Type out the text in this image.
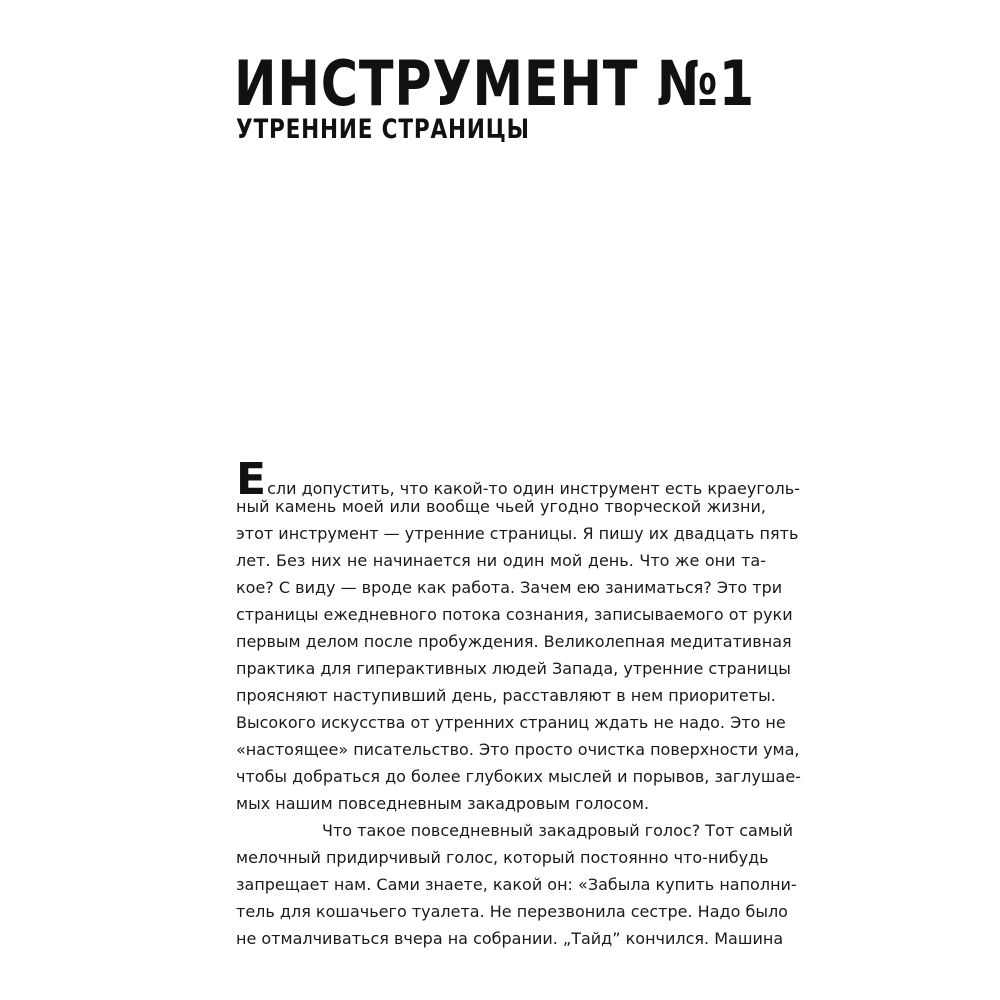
ИНСТРУМЕНТ №1
УТРЕННИЕ СТРАНИЦЫ
Если допустить, что какой-то один инструмент есть краеуголь-
ный камень моей или вообще чьей угодно творческой жизни,
этот инструмент — утренние страницы. Я пишу их двадцать пять
лет. Без них не начинается ни один мой день. Что же они та-
кое? С виду — вроде как работа. Зачем ею заниматься? Это три
страницы ежедневного потока сознания, записываемого от руки
первым делом после пробуждения. Великолепная медитативная
практика для гиперактивных людей Запада, утренние страницы
проясняют наступивший день, расставляют в нем приоритеты.
Высокого искусства от утренних страниц ждать не надо. Это не
«настоящее» писательство. Это просто очистка поверхности ума,
чтобы добраться до более глубоких мыслей и порывов, заглушае-
мых нашим повседневным закадровым голосом.
Что такое повседневный закадровый голос? Тот самый
мелочный придирчивый голос, который постоянно что-нибудь
запрещает нам. Сами знаете, какой он: «Забыла купить наполни-
тель для кошачьего туалета. Не перезвонила сестре. Надо было
не отмалчиваться вчера на собрании. „Тайд” кончился. Машина
